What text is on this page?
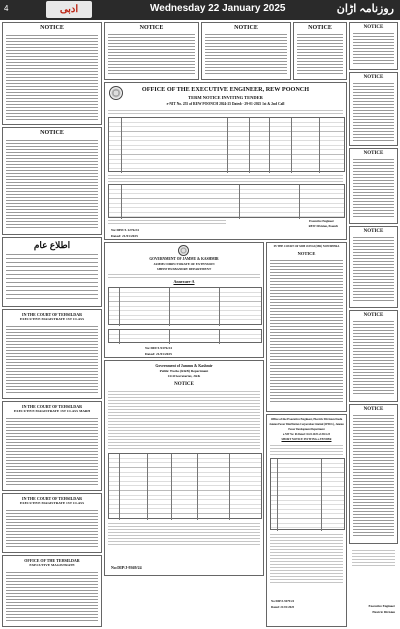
4	ادبی	Wednesday 22 January 2025	روزنامہ اڑان
NOTICE
NOTICE
اطلاع عام
IN THE COURT OF TEHSILDAR
EXECUTIVE MAGISTRATE 1ST CLASS
IN THE COURT OF TEHSILDAR
EXECUTIVE MAGISTRATE 1ST CLASS MARH
IN THE COURT OF TEHSILDAR
EXECUTIVE MAGISTRATE 1ST CLASS
OFFICE OF THE TEHSILDAR
EXECUTIVE MAGISTRATE
NOTICE	NOTICE	NOTICE
OFFICE OF THE EXECUTIVE ENGINEER, REW POONCH
TERM NOTICE INVITING TENDER
e-NIT No. 255 of REW POONCH 2024-25 Dated:- 29-01-2025 1st & 2nd Call
Executive Engineer
REW Division, Poonch
No:DEP/J-1276/24
Dated: 21/01/2025
GOVERNMENT OF JAMMU & KASHMIR
JAMMU DIRECTORATE OF EXTENSION
SHEEP HUSBANDRY DEPARTMENT
Annexure-A
No:DIP/J-9376/24
Dated: 21/01/2025
Government of Jammu & Kashmir
Public Works (R&B) Department
Civil Secretariat, J&K
NOTICE
No:DIP/J-9369/24
IN THE COURT OF SDM JONGI (MR) NOWSHERA
NOTICE
Office of the Executive Engineer, Electric Division Doda
Jammu Power Distribution Corporation Limited (JPDCL), Jammu
Power Development Department
e-NIT No: 66 Dated: 16.01.2025 of 2024-25
SHORT NOTICE INVITING e-TENDER
No:DIP/J-9479/24
Dated: 21/01/2025
NOTICE
NOTICE
NOTICE
NOTICE
NOTICE
NOTICE
Executive Engineer
Electric Division
